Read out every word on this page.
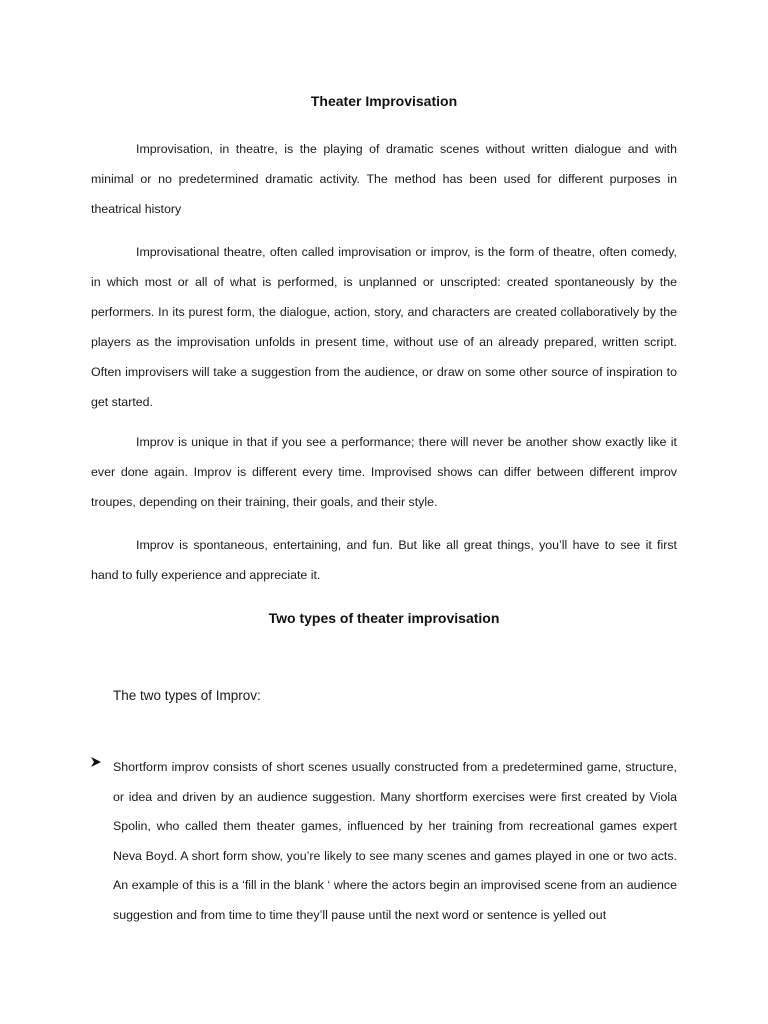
Theater Improvisation

Improvisation, in theatre, is the playing of dramatic scenes without written dialogue and with minimal or no predetermined dramatic activity. The method has been used for different purposes in theatrical history

Improvisational theatre, often called improvisation or improv, is the form of theatre, often comedy, in which most or all of what is performed, is unplanned or unscripted: created spontaneously by the performers. In its purest form, the dialogue, action, story, and characters are created collaboratively by the players as the improvisation unfolds in present time, without use of an already prepared, written script. Often improvisers will take a suggestion from the audience, or draw on some other source of inspiration to get started.

Improv is unique in that if you see a performance; there will never be another show exactly like it ever done again. Improv is different every time. Improvised shows can differ between different improv troupes, depending on their training, their goals, and their style.

Improv is spontaneous, entertaining, and fun. But like all great things, you’ll have to see it first hand to fully experience and appreciate it.

Two types of theater improvisation
The two types of Improv:

Shortform improv consists of short scenes usually constructed from a predetermined game, structure, or idea and driven by an audience suggestion. Many shortform exercises were first created by Viola Spolin, who called them theater games, influenced by her training from recreational games expert Neva Boyd. A short form show, you’re likely to see many scenes and games played in one or two acts. An example of this is a ‘fill in the blank ‘ where the actors begin an improvised scene from an audience suggestion and from time to time they’ll pause until the next word or sentence is yelled out
